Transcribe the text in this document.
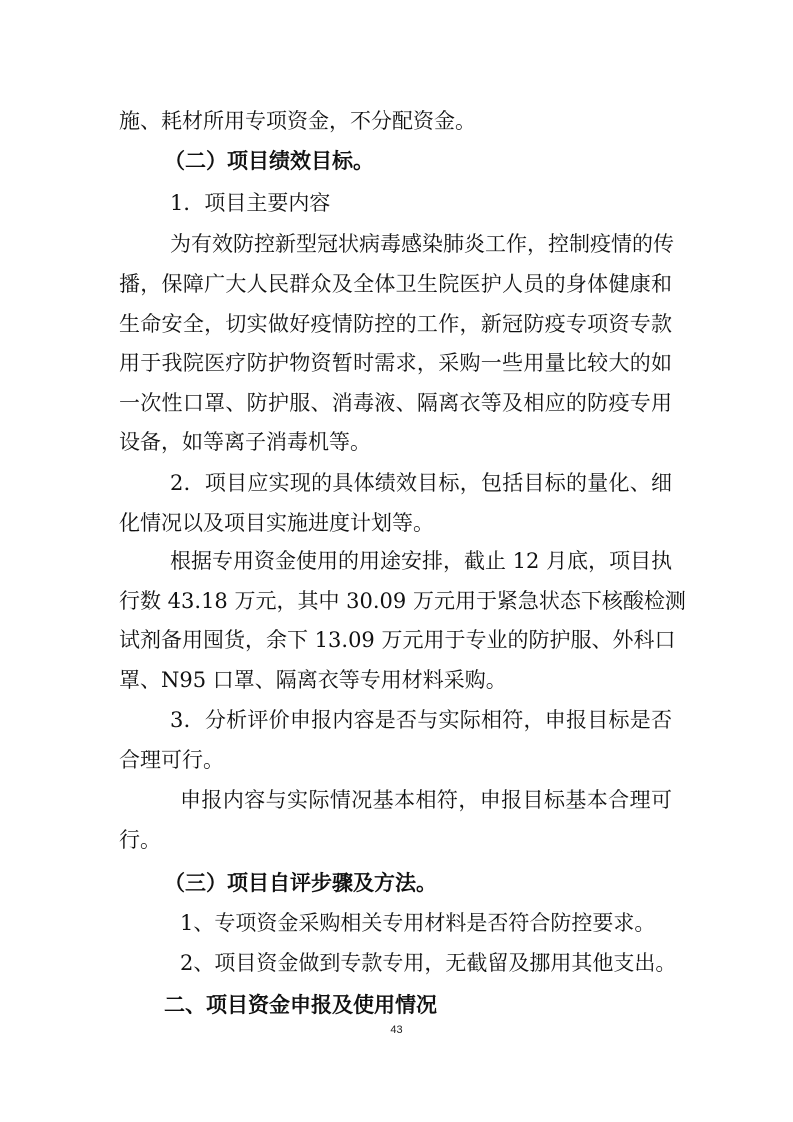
施、耗材所用专项资金，不分配资金。
（二）项目绩效目标。
1．项目主要内容
为有效防控新型冠状病毒感染肺炎工作，控制疫情的传
播，保障广大人民群众及全体卫生院医护人员的身体健康和
生命安全，切实做好疫情防控的工作，新冠防疫专项资专款
用于我院医疗防护物资暂时需求，采购一些用量比较大的如
一次性口罩、防护服、消毒液、隔离衣等及相应的防疫专用
设备，如等离子消毒机等。
2．项目应实现的具体绩效目标，包括目标的量化、细
化情况以及项目实施进度计划等。
根据专用资金使用的用途安排，截止 12 月底，项目执
行数 43.18 万元，其中 30.09 万元用于紧急状态下核酸检测
试剂备用囤货，余下 13.09 万元用于专业的防护服、外科口
罩、N95 口罩、隔离衣等专用材料采购。
3．分析评价申报内容是否与实际相符，申报目标是否
合理可行。
申报内容与实际情况基本相符，申报目标基本合理可
行。
（三）项目自评步骤及方法。
1、专项资金采购相关专用材料是否符合防控要求。
2、项目资金做到专款专用，无截留及挪用其他支出。
二、项目资金申报及使用情况
43
